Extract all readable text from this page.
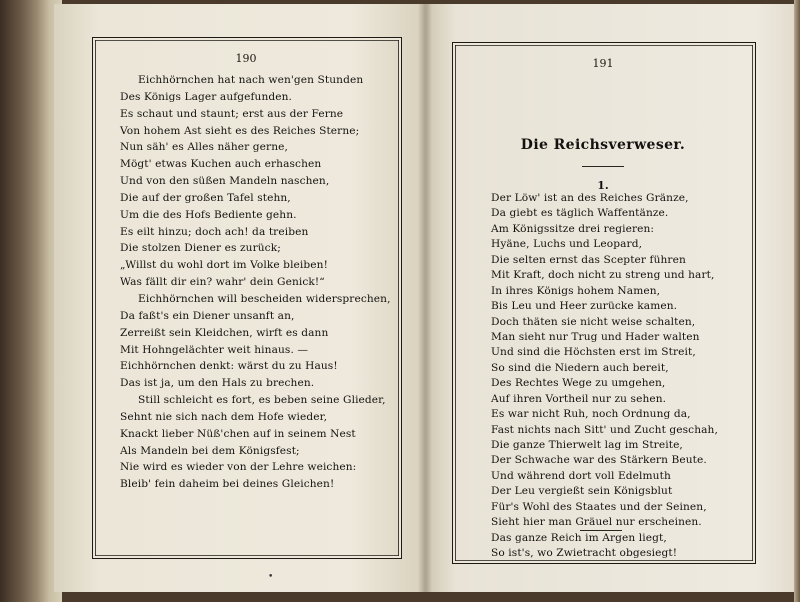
190	191
Eichhörnchen hat nach wen'gen Stunden
Des Königs Lager aufgefunden.
Es schaut und staunt; erst aus der Ferne
Von hohem Ast sieht es des Reiches Sterne;
Nun säh' es Alles näher gerne,
Mögt' etwas Kuchen auch erhaschen
Und von den süßen Mandeln naschen,
Die auf der großen Tafel stehn,
Um die des Hofs Bediente gehn.
Es eilt hinzu; doch ach! da treiben
Die stolzen Diener es zurück;
„Willst du wohl dort im Volke bleiben!
Was fällt dir ein? wahr' dein Genick!“
Eichhörnchen will bescheiden widersprechen,
Da faßt's ein Diener unsanft an,
Zerreißt sein Kleidchen, wirft es dann
Mit Hohngelächter weit hinaus. —
Eichhörnchen denkt: wärst du zu Haus!
Das ist ja, um den Hals zu brechen.
Still schleicht es fort, es beben seine Glieder,
Sehnt nie sich nach dem Hofe wieder,
Knackt lieber Nüß'chen auf in seinem Nest
Als Mandeln bei dem Königsfest;
Nie wird es wieder von der Lehre weichen:
Bleib' fein daheim bei deines Gleichen!
Die Reichsverweser.
1.
Der Löw' ist an des Reiches Gränze,
Da giebt es täglich Waffentänze.
Am Königssitze drei regieren:
Hyäne, Luchs und Leopard,
Die selten ernst das Scepter führen
Mit Kraft, doch nicht zu streng und hart,
In ihres Königs hohem Namen,
Bis Leu und Heer zurücke kamen.
Doch thäten sie nicht weise schalten,
Man sieht nur Trug und Hader walten
Und sind die Höchsten erst im Streit,
So sind die Niedern auch bereit,
Des Rechtes Wege zu umgehen,
Auf ihren Vortheil nur zu sehen.
Es war nicht Ruh, noch Ordnung da,
Fast nichts nach Sitt' und Zucht geschah,
Die ganze Thierwelt lag im Streite,
Der Schwache war des Stärkern Beute.
Und während dort voll Edelmuth
Der Leu vergießt sein Königsblut
Für's Wohl des Staates und der Seinen,
Sieht hier man Gräuel nur erscheinen.
Das ganze Reich im Argen liegt,
So ist's, wo Zwietracht obgesiegt!
•
